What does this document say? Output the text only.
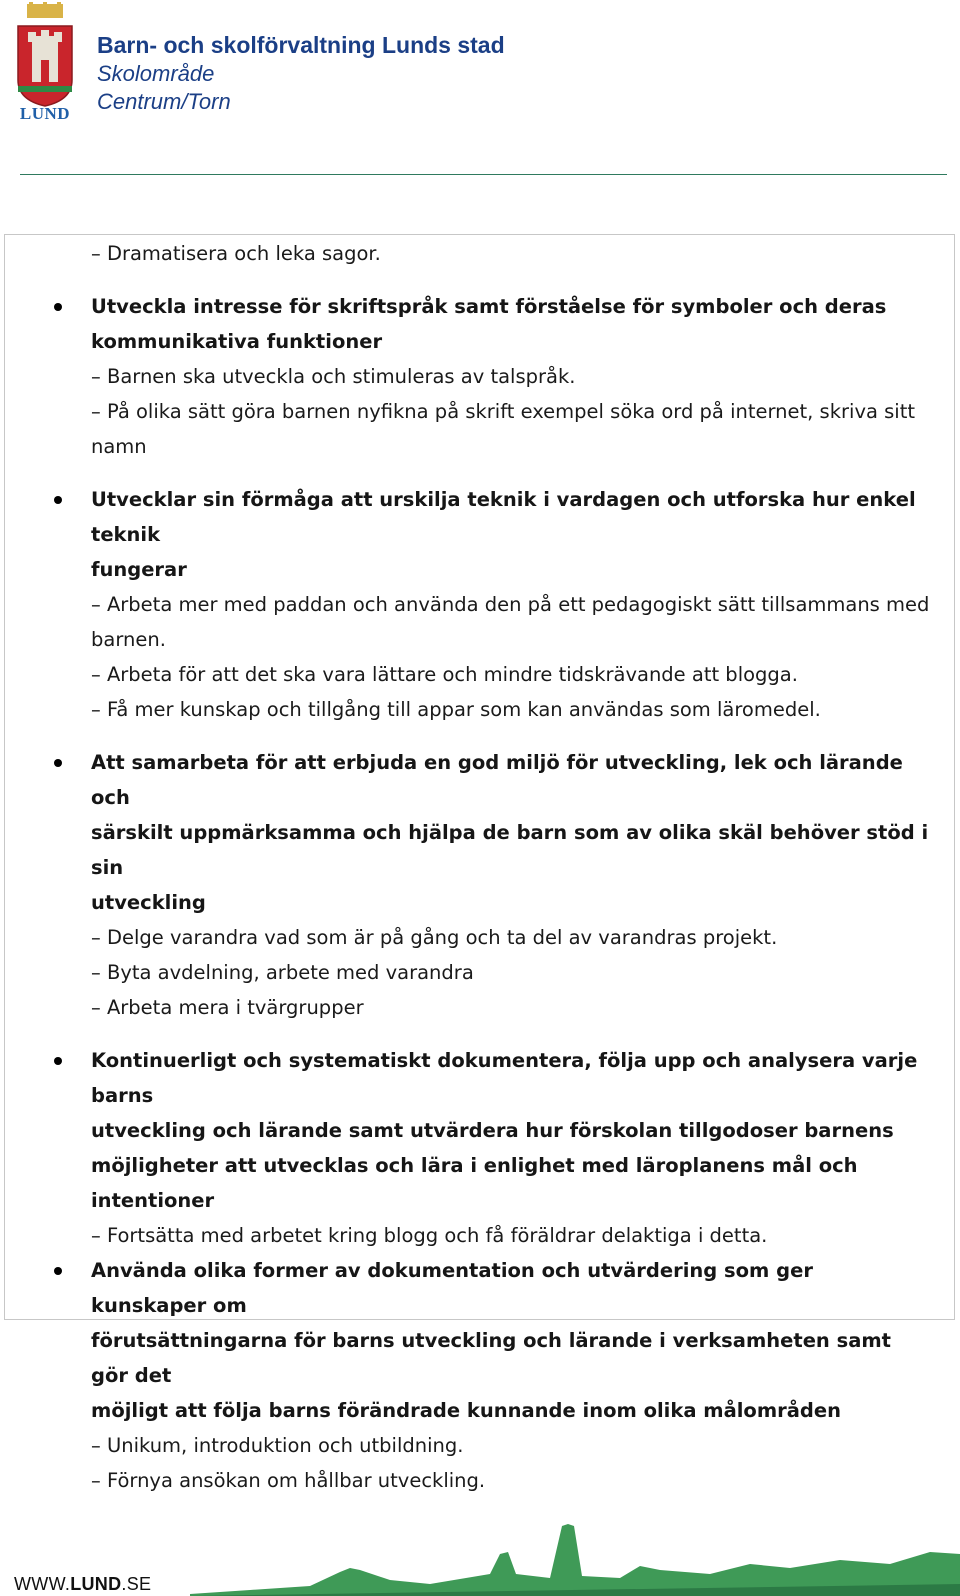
LUND
Barn- och skolförvaltning Lunds stad
Skolområde
Centrum/Torn
– Dramatisera och leka sagor.
Utveckla intresse för skriftspråk samt förståelse för symboler och deras
kommunikativa funktioner
– Barnen ska utveckla och stimuleras av talspråk.
– På olika sätt göra barnen nyfikna på skrift exempel söka ord på internet, skriva sitt namn
Utvecklar sin förmåga att urskilja teknik i vardagen och utforska hur enkel teknik
fungerar
– Arbeta mer med paddan och använda den på ett pedagogiskt sätt tillsammans med barnen.
– Arbeta för att det ska vara lättare och mindre tidskrävande att blogga.
– Få mer kunskap och tillgång till appar som kan användas som läromedel.
Att samarbeta för att erbjuda en god miljö för utveckling, lek och lärande och
särskilt uppmärksamma och hjälpa de barn som av olika skäl behöver stöd i sin
utveckling
– Delge varandra vad som är på gång och ta del av varandras projekt.
– Byta avdelning, arbete med varandra
– Arbeta mera i tvärgrupper
Kontinuerligt och systematiskt dokumentera, följa upp och analysera varje barns
utveckling och lärande samt utvärdera hur förskolan tillgodoser barnens
möjligheter att utvecklas och lära i enlighet med läroplanens mål och intentioner
– Fortsätta med arbetet kring blogg och få föräldrar delaktiga i detta.
Använda olika former av dokumentation och utvärdering som ger kunskaper om
förutsättningarna för barns utveckling och lärande i verksamheten samt gör det
möjligt att följa barns förändrade kunnande inom olika målområden
– Unikum, introduktion och utbildning.
– Förnya ansökan om hållbar utveckling.
WWW.LUND.SE
